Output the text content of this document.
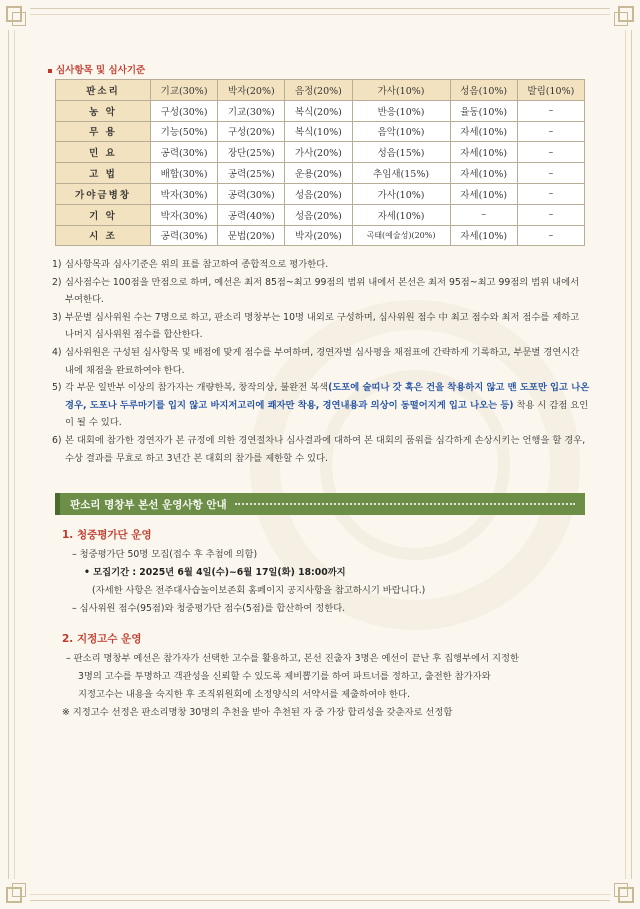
심사항목 및 심사기준
판소리	기교(30%)	박자(20%)	음정(20%)	가사(10%)	성음(10%)	발림(10%)
농 악	구성(30%)	기교(30%)	복식(20%)	반응(10%)	율동(10%)	–
무 용	기능(50%)	구성(20%)	복식(10%)	음악(10%)	자세(10%)	–
민 요	공력(30%)	장단(25%)	가사(20%)	성음(15%)	자세(10%)	–
고 법	배합(30%)	공력(25%)	운용(20%)	추임새(15%)	자세(10%)	–
가야금병창	박자(30%)	공력(30%)	성음(20%)	가사(10%)	자세(10%)	–
기 악	박자(30%)	공력(40%)	성음(20%)	자세(10%)	–	–
시 조	공력(30%)	문법(20%)	박자(20%)	곡태(예술성)(20%)	자세(10%)	–
1) 심사항목과 심사기준은 위의 표를 참고하여 종합적으로 평가한다.
2) 심사점수는 100점을 만점으로 하며, 예선은 최저 85점~최고 99점의 범위 내에서 본선은 최저 95점~최고 99점의 범위 내에서 부여한다.
3) 부문별 심사위원 수는 7명으로 하고, 판소리 명창부는 10명 내외로 구성하며, 심사위원 점수 中 최고 점수와 최저 점수를 제하고 나머지 심사위원 점수를 합산한다.
4) 심사위원은 구성된 심사항목 및 배점에 맞게 점수를 부여하며, 경연자별 심사평을 채점표에 간략하게 기록하고, 부문별 경연시간 내에 채점을 완료하여야 한다.
5) 각 부문 일반부 이상의 참가자는 개량한복, 창작의상, 불완전 복색(도포에 술띠나 갓 혹은 건을 착용하지 않고 맨 도포만 입고 나온 경우, 도포나 두루마기를 입지 않고 바지저고리에 쾌자만 착용, 경연내용과 의상이 동떨어지게 입고 나오는 등) 착용 시 감점 요인이 될 수 있다.
6) 본 대회에 참가한 경연자가 본 규정에 의한 경연절차나 심사결과에 대하여 본 대회의 품위를 심각하게 손상시키는 언행을 할 경우, 수상 결과를 무효로 하고 3년간 본 대회의 참가를 제한할 수 있다.
판소리 명창부 본선 운영사항 안내
1. 청중평가단 운영
– 청중평가단 50명 모집(접수 후 추첨에 의함)
• 모집기간 : 2025년 6월 4일(수)~6월 17일(화) 18:00까지
(자세한 사항은 전주대사습놀이보존회 홈페이지 공지사항을 참고하시기 바랍니다.)
– 심사위원 점수(95점)와 청중평가단 점수(5점)를 합산하여 정한다.
2. 지정고수 운영
– 판소리 명창부 예선은 참가자가 선택한 고수를 활용하고, 본선 진출자 3명은 예선이 끝난 후 집행부에서 지정한
3명의 고수를 투명하고 객관성을 신뢰할 수 있도록 제비뽑기를 하여 파트너를 정하고, 출전한 참가자와
지정고수는 내용을 숙지한 후 조직위원회에 소정양식의 서약서를 제출하여야 한다.
※ 지정고수 선정은 판소리명창 30명의 추천을 받아 추천된 자 중 가장 합리성을 갖춘자로 선정함
